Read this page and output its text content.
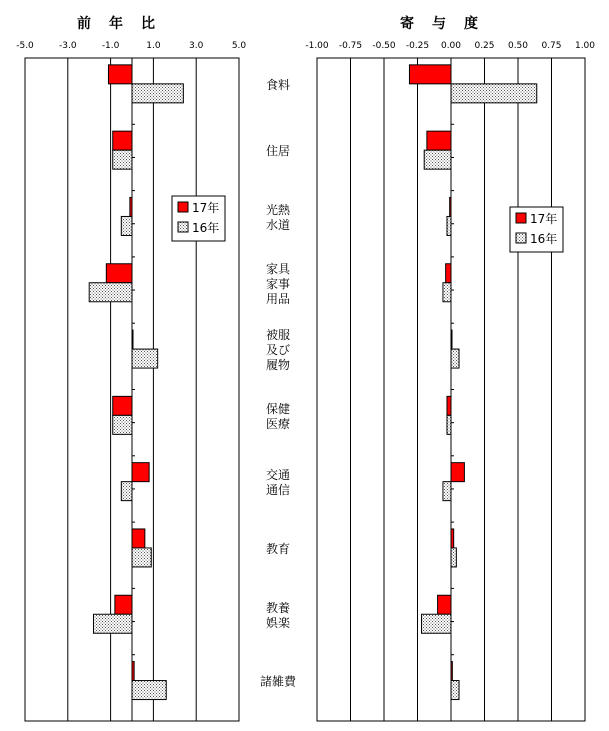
前年比
-5.0	-3.0	-1.0	1.0	3.0	5.0
17年
16年
寄与度
-1.00 -0.75 -0.50 -0.25 0.00 0.25 0.50 0.75 1.00
17年
16年
食料
住居
光熱
水道
家具
家事
用品
被服
及び
履物
保健
医療
交通
通信
教育
教養
娯楽
諸雑費
